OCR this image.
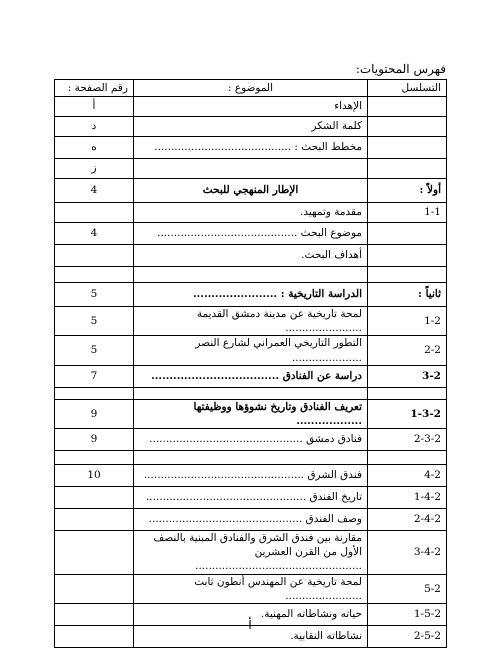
فهرس المحتويات:
التسلسل	الموضوع :	رقم الصفحة :
	الإهداء	أ
	كلمة الشكر	د
	مخطط البحث : .........................................	ه
		ز
أولاً :	الإطار المنهجي للبحث	4
1-1	مقدمة وتمهيد.	
	موضوع البحث ..........................................	4
	أهداف البحث.	

ثانياً :	الدراسة التاريخية : .......................	5
1-2	لمحة تاريخية عن مدينة دمشق القديمة .......................	5
2-2	التطور التاريخي العمراني لشارع النصر .....................	5
3-2	دراسة عن الفنادق ...................................	7

1-3-2	تعريف الفنادق وتاريخ نشوؤها ووظيفتها ..................	9
2-3-2	فنادق دمشق ..............................................	9

4-2	فندق الشرق ................................................	10
1-4-2	تاريخ الفندق ................................................	
2-4-2	وصف الفندق ..............................................	
3-4-2	مقارنة بين فندق الشرق والفنادق المبنية بالنصف الأول من القرن العشرين ..................................................	
5-2	لمحة تاريخية عن المهندس أنطون ثابت .......................	
1-5-2	حياته ونشاطاته المهنية.	
2-5-2	نشاطاته النقابية.	
أ
